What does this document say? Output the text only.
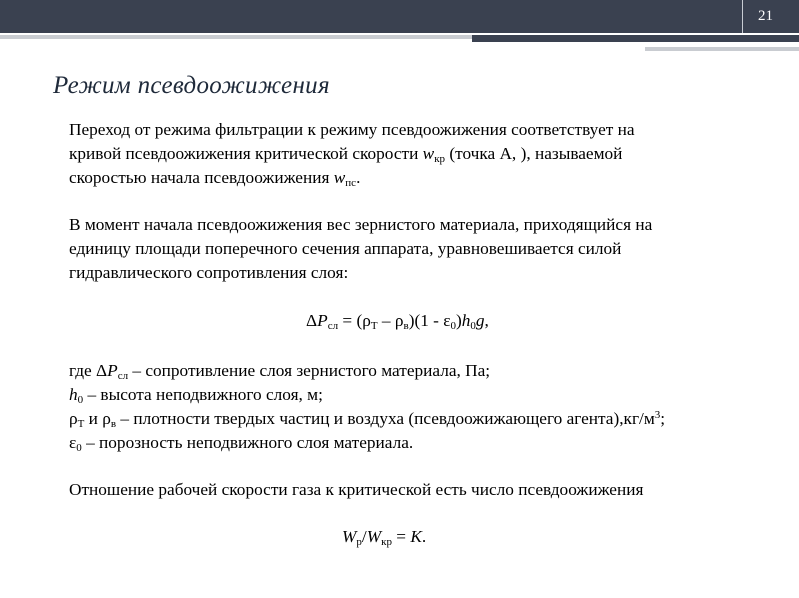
21
Режим псевдоожижения
Переход от режима фильтрации к режиму псевдоожижения соответствует на
кривой псевдоожижения критической скорости $w_{кр}$ (точка А, ), называемой
скоростью начала псевдоожижения $w_{пс}$.
В момент начала псевдоожижения вес зернистого материала, приходящийся на
единицу площади поперечного сечения аппарата, уравновешивается силой
гидравлического сопротивления слоя:
$\Delta P_{сл} = (\rho_Т - \rho_в)(1 - \varepsilon_0)h_0g$,
где $\Delta P_{сл}$ – сопротивление слоя зернистого материала, Па;
$h_0$ – высота неподвижного слоя, м;
$\rho_Т$ и $\rho_в$ – плотности твердых частиц и воздуха (псевдоожижающего $агента),кг/м^3$;
$\varepsilon_0$ – порозность неподвижного слоя материала.
Отношение рабочей скорости газа к критической есть число псевдоожижения
$W_р/W_{кр} = K$.
